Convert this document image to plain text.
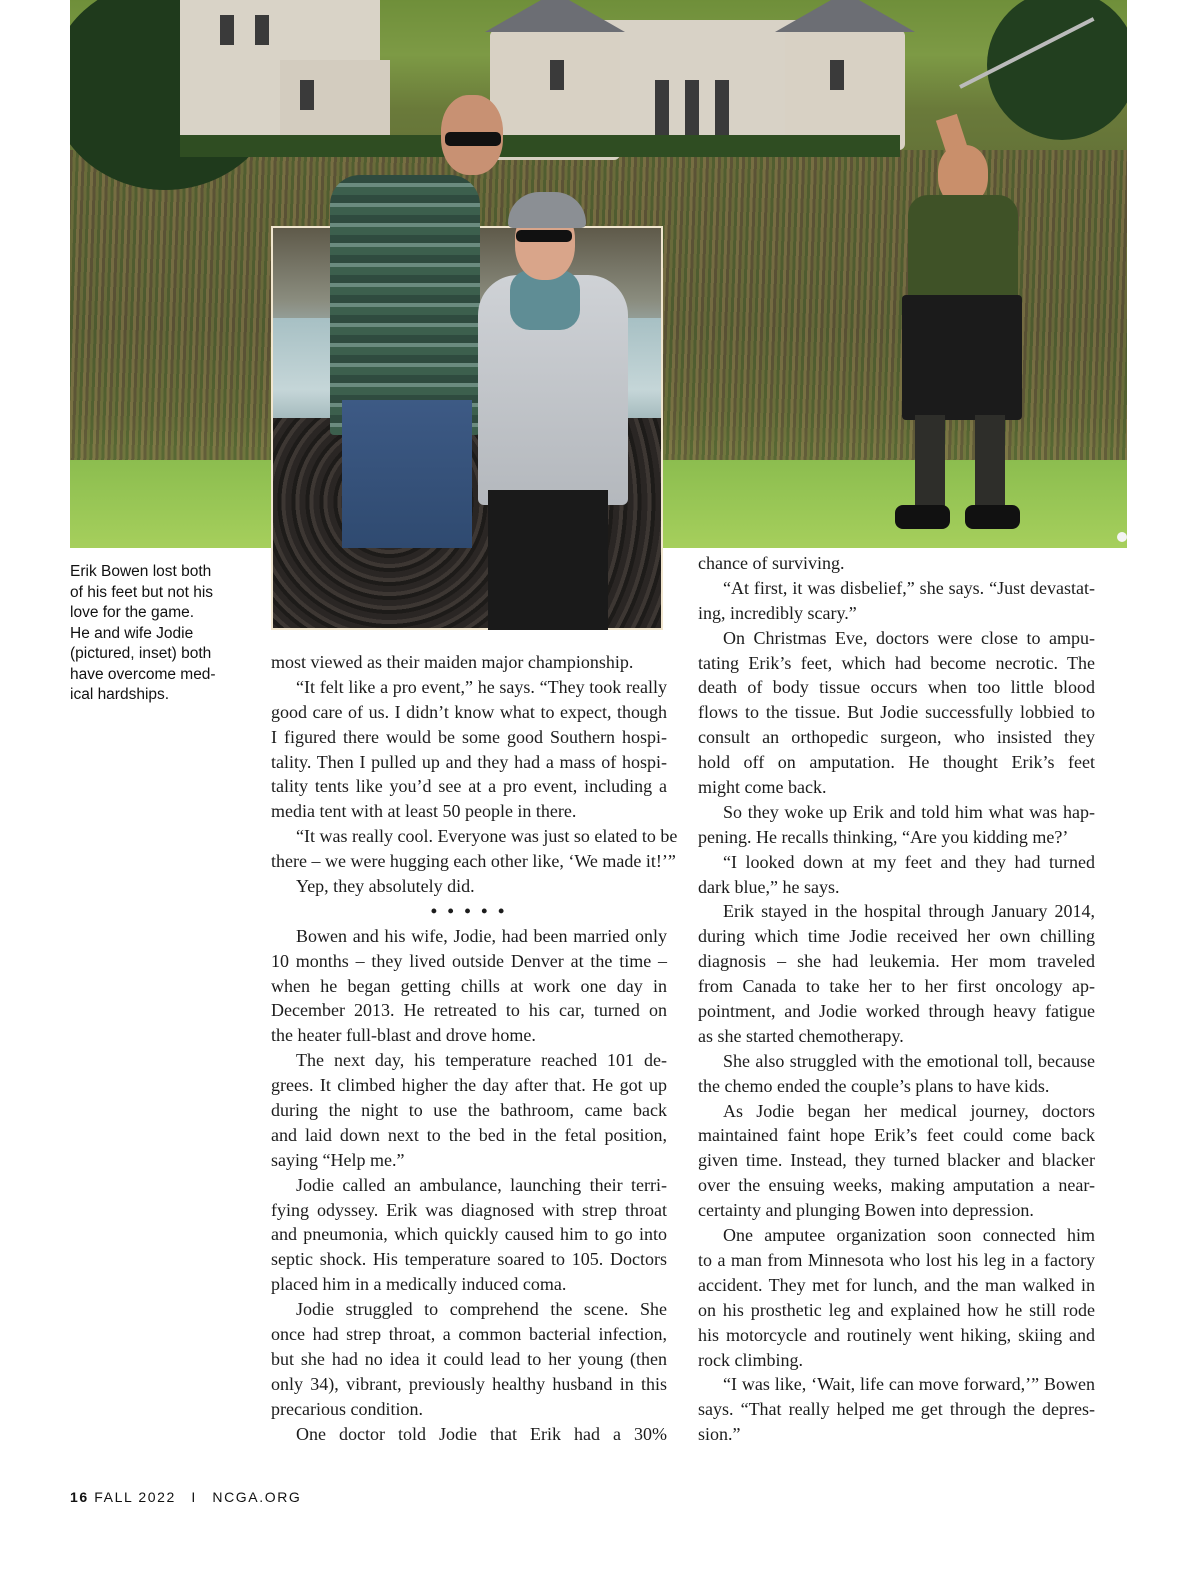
Erik Bowen lost both
of his feet but not his
love for the game.
He and wife Jodie
(pictured, inset) both
have overcome med-
ical hardships.
most viewed as their maiden major championship.
“It felt like a pro event,” he says. “They took really
good care of us. I didn’t know what to expect, though
I figured there would be some good Southern hospi-
tality. Then I pulled up and they had a mass of hospi-
tality tents like you’d see at a pro event, including a
media tent with at least 50 people in there.
“It was really cool. Everyone was just so elated to be
there – we were hugging each other like, ‘We made it!’”
Yep, they absolutely did.
• • • • •
Bowen and his wife, Jodie, had been married only
10 months – they lived outside Denver at the time –
when he began getting chills at work one day in
December 2013. He retreated to his car, turned on
the heater full-blast and drove home.
The next day, his temperature reached 101 de-
grees. It climbed higher the day after that. He got up
during the night to use the bathroom, came back
and laid down next to the bed in the fetal position,
saying “Help me.”
Jodie called an ambulance, launching their terri-
fying odyssey. Erik was diagnosed with strep throat
and pneumonia, which quickly caused him to go into
septic shock. His temperature soared to 105. Doctors
placed him in a medically induced coma.
Jodie struggled to comprehend the scene. She
once had strep throat, a common bacterial infection,
but she had no idea it could lead to her young (then
only 34), vibrant, previously healthy husband in this
precarious condition.
One doctor told Jodie that Erik had a 30%
chance of surviving.
“At first, it was disbelief,” she says. “Just devastat-
ing, incredibly scary.”
On Christmas Eve, doctors were close to ampu-
tating Erik’s feet, which had become necrotic. The
death of body tissue occurs when too little blood
flows to the tissue. But Jodie successfully lobbied to
consult an orthopedic surgeon, who insisted they
hold off on amputation. He thought Erik’s feet
might come back.
So they woke up Erik and told him what was hap-
pening. He recalls thinking, “Are you kidding me?’
“I looked down at my feet and they had turned
dark blue,” he says.
Erik stayed in the hospital through January 2014,
during which time Jodie received her own chilling
diagnosis – she had leukemia. Her mom traveled
from Canada to take her to her first oncology ap-
pointment, and Jodie worked through heavy fatigue
as she started chemotherapy.
She also struggled with the emotional toll, because
the chemo ended the couple’s plans to have kids.
As Jodie began her medical journey, doctors
maintained faint hope Erik’s feet could come back
given time. Instead, they turned blacker and blacker
over the ensuing weeks, making amputation a near-
certainty and plunging Bowen into depression.
One amputee organization soon connected him
to a man from Minnesota who lost his leg in a factory
accident. They met for lunch, and the man walked in
on his prosthetic leg and explained how he still rode
his motorcycle and routinely went hiking, skiing and
rock climbing.
“I was like, ‘Wait, life can move forward,’” Bowen
says. “That really helped me get through the depres-
sion.”
16 FALL 2022 I NCGA.ORG
